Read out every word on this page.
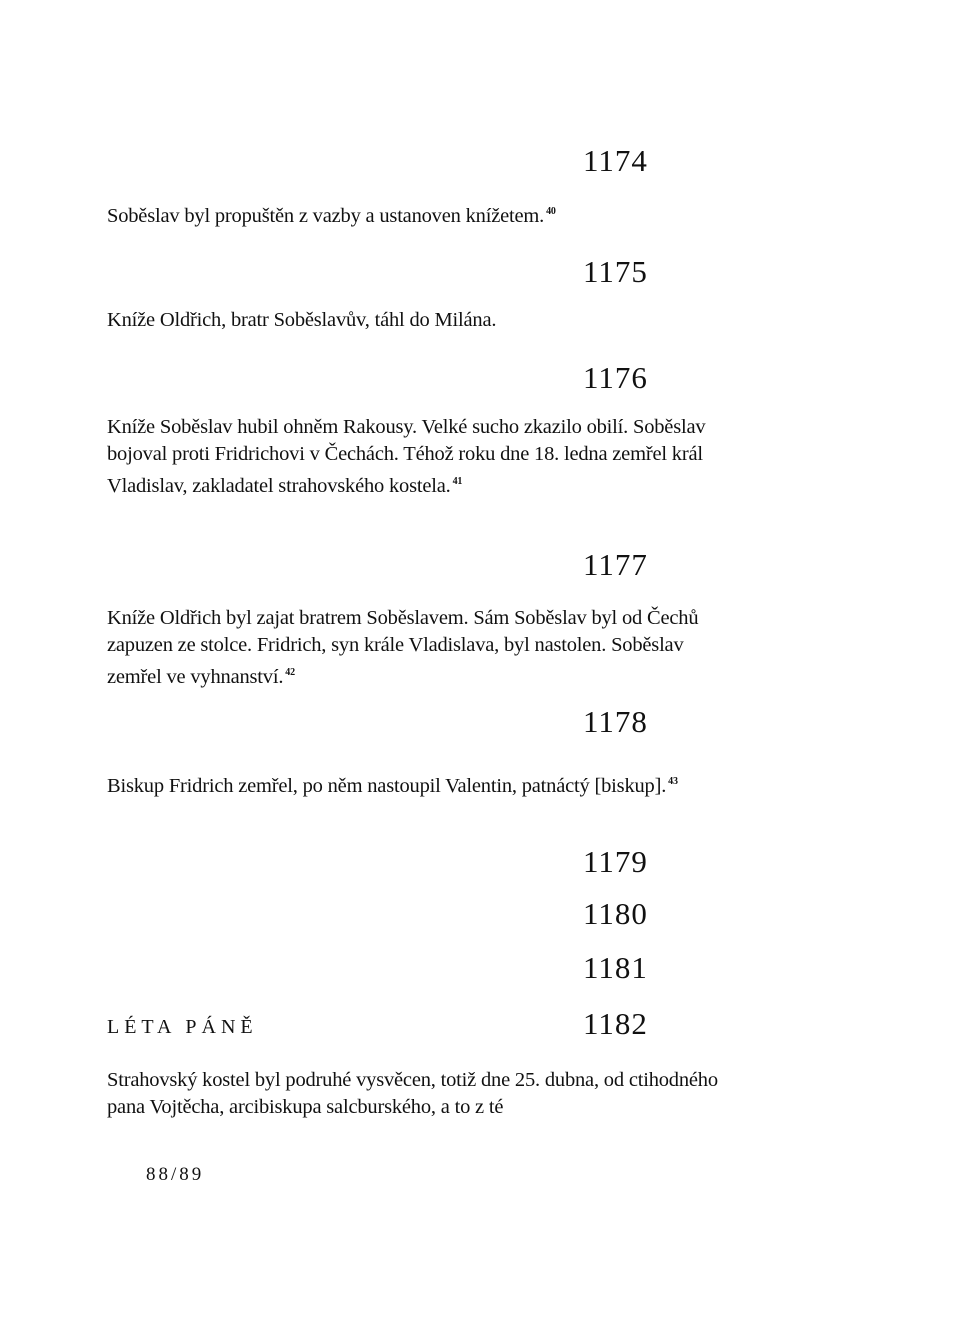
1174

Soběslav byl propuštěn z vazby a ustanoven knížetem. $^{40}$

1175

Kníže Oldřich, bratr Soběslavův, táhl do Milána.

1176

Kníže Soběslav hubil ohněm Rakousy. Velké sucho zkazilo obilí. Soběslav bojoval proti Fridrichovi v Čechách. Téhož roku dne 18. ledna zemřel král Vladislav, zakladatel strahovského kostela. $^{41}$

1177

Kníže Oldřich byl zajat bratrem Soběslavem. Sám Soběslav byl od Čechů zapuzen ze stolce. Fridrich, syn krále Vladislava, byl nastolen. Soběslav zemřel ve vyhnanství. $^{42}$

1178

Biskup Fridrich zemřel, po něm nastoupil Valentin, patnáctý [biskup]. $^{43}$

1179
1180
1181
LÉTA PÁNĚ	1182

Strahovský kostel byl podruhé vysvěcen, totiž dne 25. dubna, od ctihodného pana Vojtěcha, arcibiskupa salcburského, a to z té

88/89
